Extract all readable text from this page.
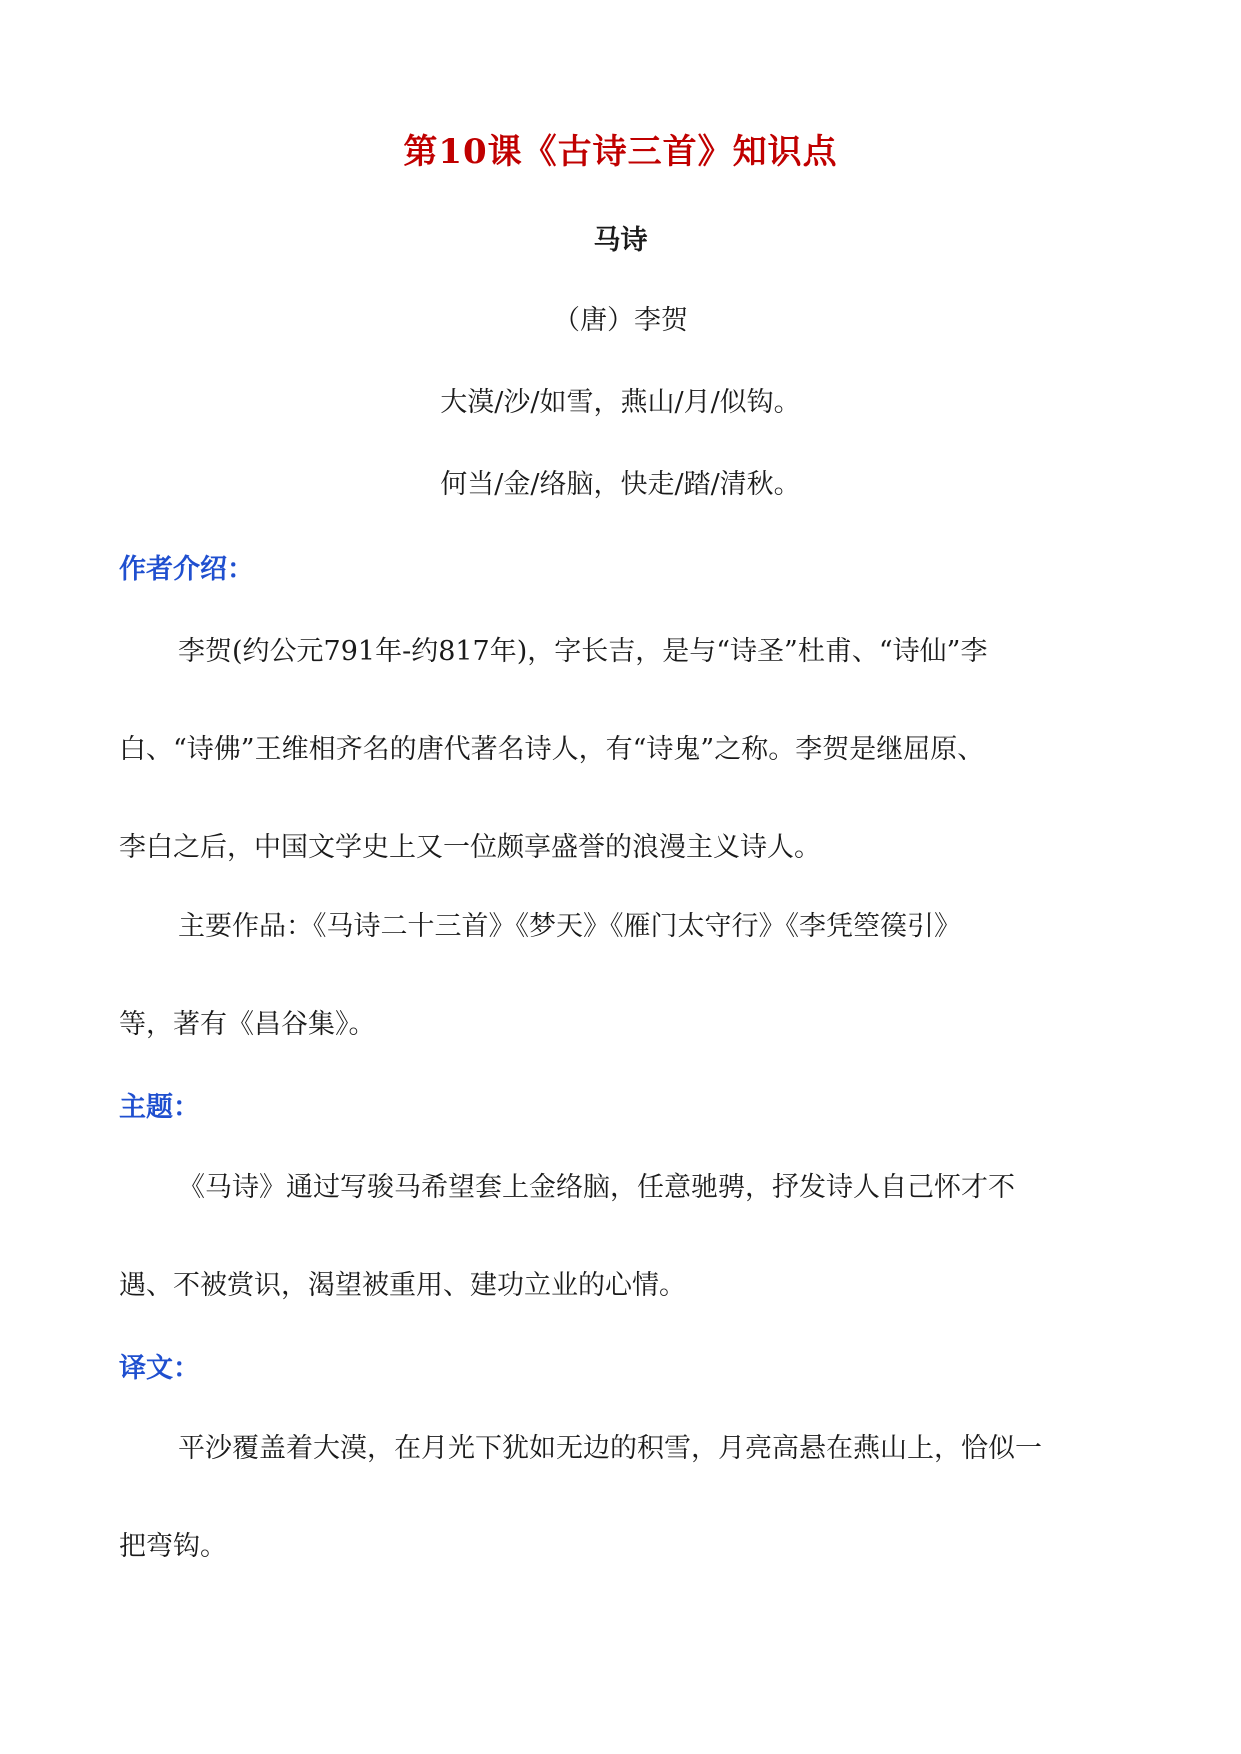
第10课《古诗三首》知识点
马诗
（唐）李贺
大漠/沙/如雪，燕山/月/似钩。
何当/金/络脑，快走/踏/清秋。
作者介绍：
李贺(约公元791年-约817年)，字长吉，是与“诗圣”杜甫、“诗仙”李
白、“诗佛”王维相齐名的唐代著名诗人，有“诗鬼”之称。李贺是继屈原、
李白之后，中国文学史上又一位颇享盛誉的浪漫主义诗人。
主要作品：《马诗二十三首》《梦天》《雁门太守行》《李凭箜篌引》
等，著有《昌谷集》。
主题：
《马诗》通过写骏马希望套上金络脑，任意驰骋，抒发诗人自己怀才不
遇、不被赏识，渴望被重用、建功立业的心情。
译文：
平沙覆盖着大漠，在月光下犹如无边的积雪，月亮高悬在燕山上，恰似一
把弯钩。
